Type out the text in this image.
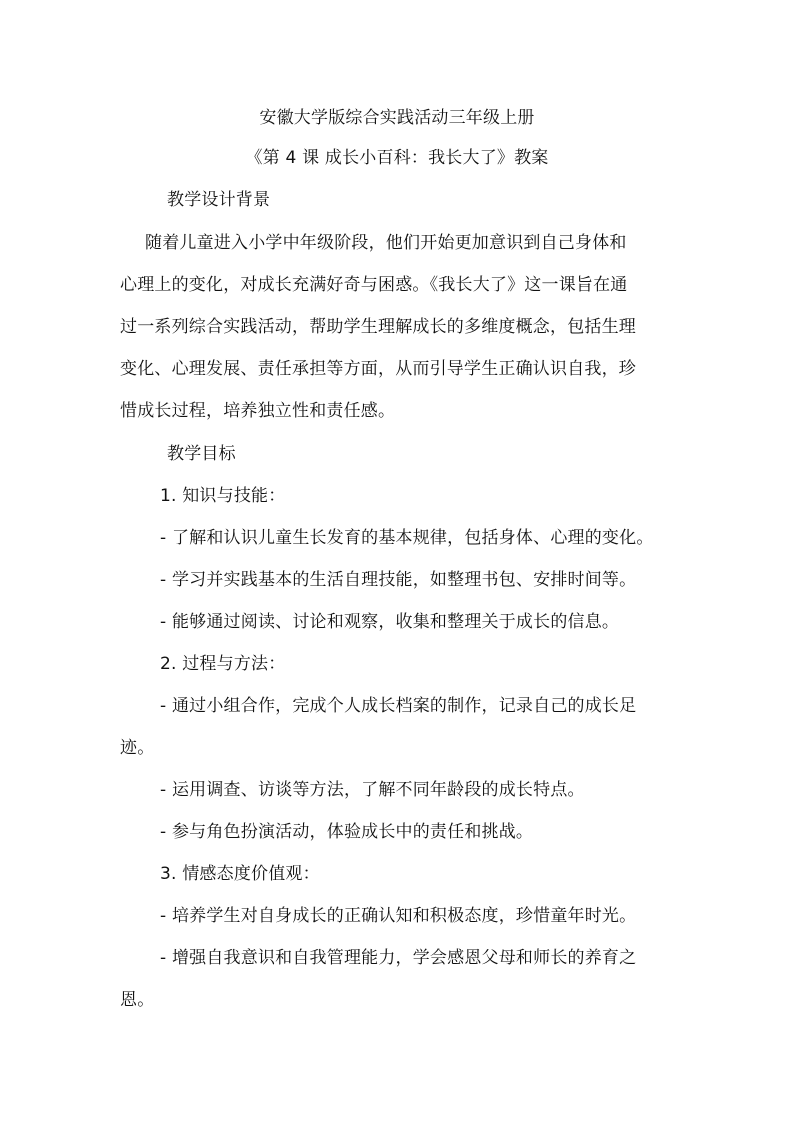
安徽大学版综合实践活动三年级上册
《第 4 课 成长小百科：我长大了》教案
教学设计背景
随着儿童进入小学中年级阶段，他们开始更加意识到自己身体和
心理上的变化，对成长充满好奇与困惑。《我长大了》这一课旨在通
过一系列综合实践活动，帮助学生理解成长的多维度概念，包括生理
变化、心理发展、责任承担等方面，从而引导学生正确认识自我，珍
惜成长过程，培养独立性和责任感。
教学目标
1. 知识与技能：
- 了解和认识儿童生长发育的基本规律，包括身体、心理的变化。
- 学习并实践基本的生活自理技能，如整理书包、安排时间等。
- 能够通过阅读、讨论和观察，收集和整理关于成长的信息。
2. 过程与方法：
- 通过小组合作，完成个人成长档案的制作，记录自己的成长足
迹。
- 运用调查、访谈等方法，了解不同年龄段的成长特点。
- 参与角色扮演活动，体验成长中的责任和挑战。
3. 情感态度价值观：
- 培养学生对自身成长的正确认知和积极态度，珍惜童年时光。
- 增强自我意识和自我管理能力，学会感恩父母和师长的养育之
恩。
